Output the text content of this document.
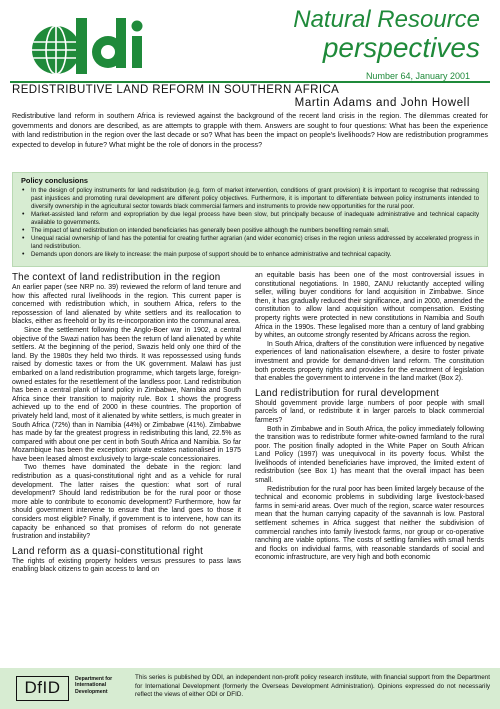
Natural Resource
perspectives
Number 64, January 2001
REDISTRIBUTIVE LAND REFORM IN SOUTHERN AFRICA
Martin Adams and John Howell

Redistributive land reform in southern Africa is reviewed against the background of the recent land crisis in the region. The dilemmas created for governments and donors are described, as are attempts to grapple with them. Answers are sought to four questions: What has been the experience with land redistribution in the region over the last decade or so? What has been the impact on people's livelihoods? How are redistribution programmes expected to develop in future? What might be the role of donors in the process?

Policy conclusions
• In the design of policy instruments for land redistribution (e.g. form of market intervention, conditions of grant provision) it is important to recognise that redressing past injustices and promoting rural development are different policy objectives. Furthermore, it is important to differentiate between policy instruments intended to diversify ownership in the agricultural sector towards black commercial farmers and instruments to provide new opportunities for the rural poor.
• Market-assisted land reform and expropriation by due legal process have been slow, but principally because of inadequate administrative and technical capacity available to governments.
• The impact of land redistribution on intended beneficiaries has generally been positive although the numbers benefiting remain small.
• Unequal racial ownership of land has the potential for creating further agrarian (and wider economic) crises in the region unless addressed by accelerated progress in land redistribution.
• Demands upon donors are likely to increase: the main purpose of support should be to enhance administrative and technical capacity.
The context of land redistribution in the region

An earlier paper (see NRP no. 39) reviewed the reform of land tenure and how this affected rural livelihoods in the region. This current paper is concerned with redistribution which, in southern Africa, refers to the repossession of land alienated by white settlers and its reallocation to blacks, either as freehold or by its re-incorporation into the communal area.

Since the settlement following the Anglo-Boer war in 1902, a central objective of the Swazi nation has been the return of land alienated by white settlers. At the beginning of the period, Swazis held only one third of the land. By the 1980s they held two thirds. It was repossessed using funds raised by domestic taxes or from the UK government. Malawi has just embarked on a land redistribution programme, which targets large, foreign-owned estates for the resettlement of the landless poor. Land redistribution has been a central plank of land policy in Zimbabwe, Namibia and South Africa since their transition to majority rule. Box 1 shows the progress achieved up to the end of 2000 in these countries. The proportion of privately held land, most of it alienated by white settlers, is much greater in South Africa (72%) than in Namibia (44%) or Zimbabwe (41%). Zimbabwe has made by far the greatest progress in redistributing this land, 22.5% as compared with about one per cent in both South Africa and Namibia. So far Mozambique has been the exception: private estates nationalised in 1975 have been leased almost exclusively to large-scale concessionaires.

Two themes have dominated the debate in the region: land redistribution as a quasi-constitutional right and as a vehicle for rural development. The latter raises the question: what sort of rural development? Should land redistribution be for the rural poor or those more able to contribute to economic development? Furthermore, how far should government intervene to ensure that the land goes to those it considers most eligible? Finally, if government is to intervene, how can its capacity be enhanced so that promises of reform do not generate frustration and instability?

Land reform as a quasi-constitutional right

The rights of existing property holders versus pressures to pass laws enabling black citizens to gain access to land on

an equitable basis has been one of the most controversial issues in constitutional negotiations. In 1980, ZANU reluctantly accepted willing seller, willing buyer conditions for land acquisition in Zimbabwe. Since then, it has gradually reduced their significance, and in 2000, amended the constitution to allow land acquisition without compensation. Existing property rights were protected in new constitutions in Namibia and South Africa in the 1990s. These legalised more than a century of land grabbing by whites, an outcome strongly resented by Africans across the region.

In South Africa, drafters of the constitution were influenced by negative experiences of land nationalisation elsewhere, a desire to foster private investment and provide for demand-driven land reform. The constitution both protects property rights and provides for the enactment of legislation that enables the government to intervene in the land market (Box 2).

Land redistribution for rural development

Should government provide large numbers of poor people with small parcels of land, or redistribute it in larger parcels to black commercial farmers?

Both in Zimbabwe and in South Africa, the policy immediately following the transition was to redistribute former white-owned farmland to the rural poor. The position finally adopted in the White Paper on South African Land Policy (1997) was unequivocal in its poverty focus. Whilst the livelihoods of intended beneficiaries have improved, the limited extent of redistribution (see Box 1) has meant that the overall impact has been small.

Redistribution for the rural poor has been limited largely because of the technical and economic problems in subdividing large livestock-based farms in semi-arid areas. Over much of the region, scarce water resources mean that the human carrying capacity of the savannah is low. Pastoral settlement schemes in Africa suggest that neither the subdivision of commercial ranches into family livestock farms, nor group or co-operative ranching are viable options. The costs of settling families with small herds and flocks on individual farms, with reasonable standards of social and economic infrastructure, are very high and both economic

DfID	Department for International Development

This series is published by ODI, an independent non-profit policy research institute, with financial support from the Department for International Development (formerly the Overseas Development Administration). Opinions expressed do not necessarily reflect the views of either ODI or DFID.
